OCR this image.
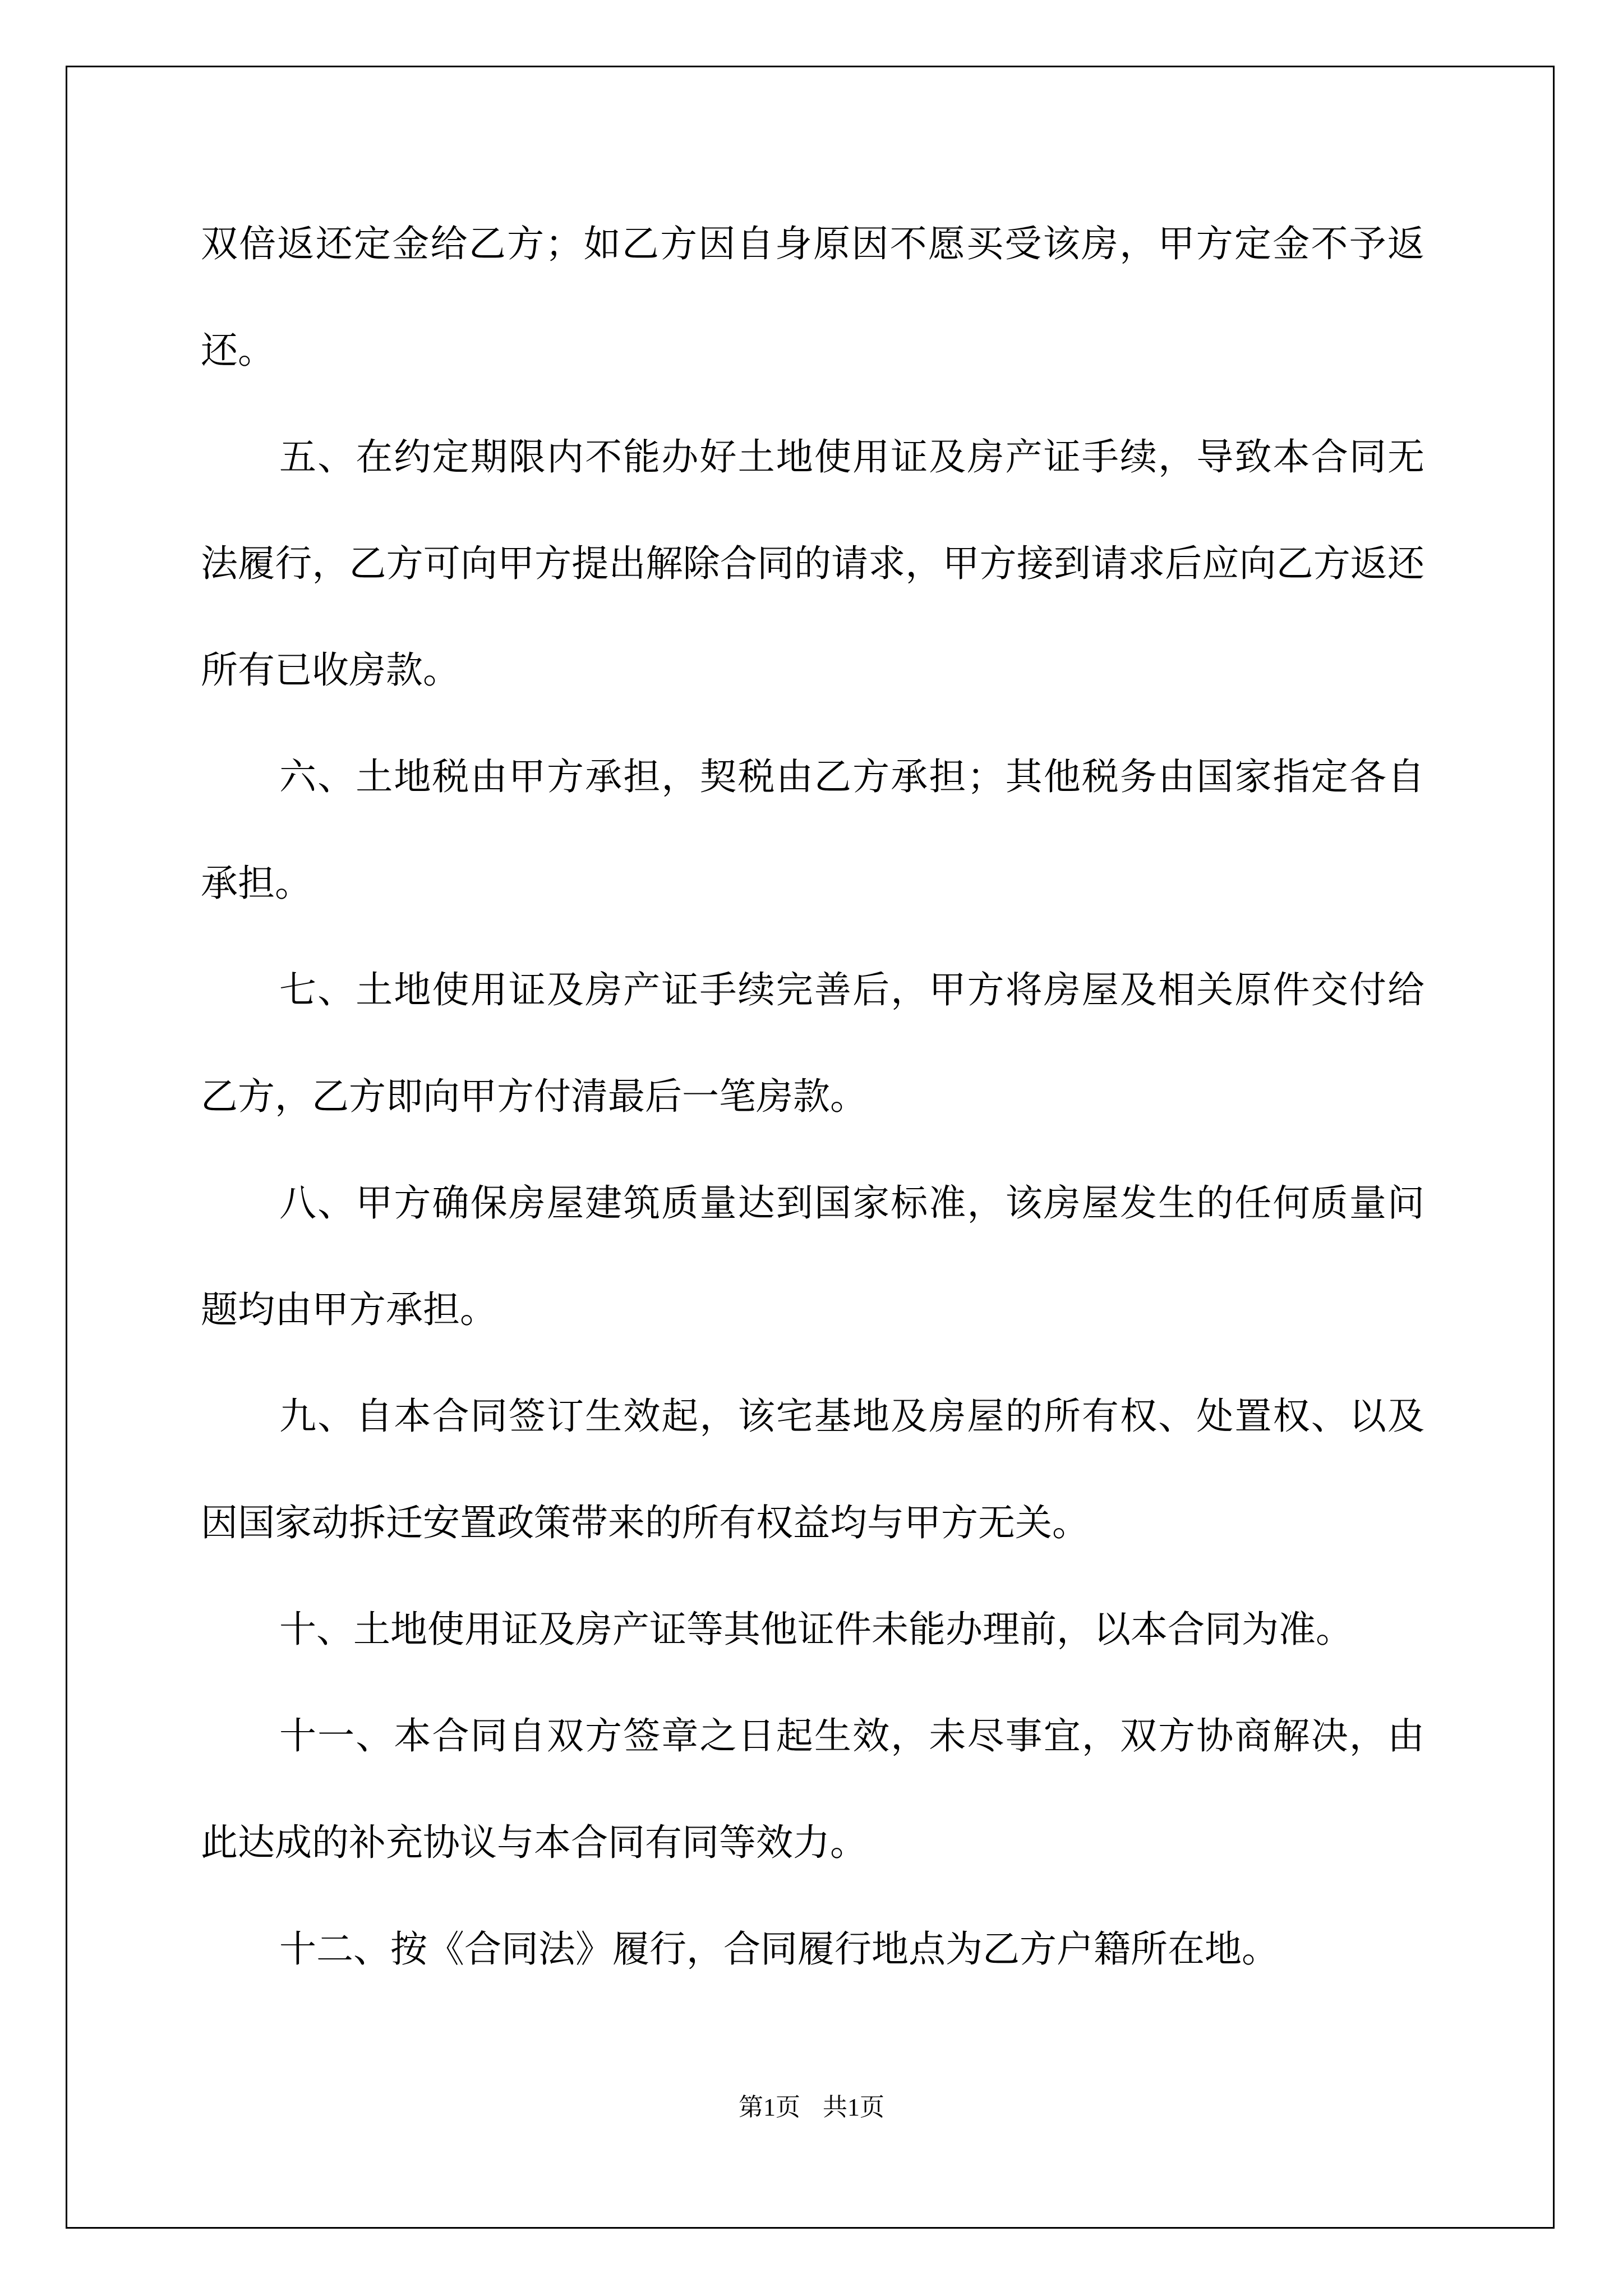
双倍返还定金给乙方；如乙方因自身原因不愿买受该房，甲方定金不予返还。

五、在约定期限内不能办好土地使用证及房产证手续，导致本合同无法履行，乙方可向甲方提出解除合同的请求，甲方接到请求后应向乙方返还所有已收房款。

六、土地税由甲方承担，契税由乙方承担；其他税务由国家指定各自承担。

七、土地使用证及房产证手续完善后，甲方将房屋及相关原件交付给乙方，乙方即向甲方付清最后一笔房款。

八、甲方确保房屋建筑质量达到国家标准，该房屋发生的任何质量问题均由甲方承担。

九、自本合同签订生效起，该宅基地及房屋的所有权、处置权、以及因国家动拆迁安置政策带来的所有权益均与甲方无关。

十、土地使用证及房产证等其他证件未能办理前，以本合同为准。

十一、本合同自双方签章之日起生效，未尽事宜，双方协商解决，由此达成的补充协议与本合同有同等效力。

十二、按《合同法》履行，合同履行地点为乙方户籍所在地。

第1页 共1页
